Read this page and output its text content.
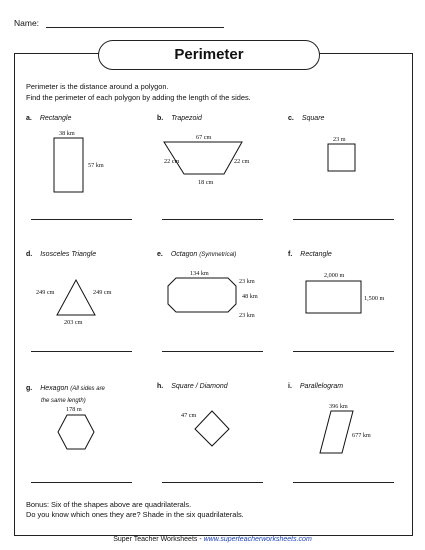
Name:
Perimeter
Perimeter is the distance around a polygon.
Find the perimeter of each polygon by adding the length of the sides.
a. Rectangle	b. Trapezoid	c. Square
38 km
57 km
67 cm
22 cm	22 cm
18 cm
23 m
d. Isosceles Triangle	e. Octagon (Symmetrical)	f. Rectangle
249 cm	249 cm
203 cm
134 km
23 km
48 km
23 km
2,000 m
1,500 m
g. Hexagon (All sides are
the same length)
h. Square / Diamond	i. Parallelogram
178 m
47 cm
396 km
677 km
Bonus: Six of the shapes above are quadrilaterals.
Do you know which ones they are? Shade in the six quadrilaterals.
Super Teacher Worksheets - www.superteacherworksheets.com
